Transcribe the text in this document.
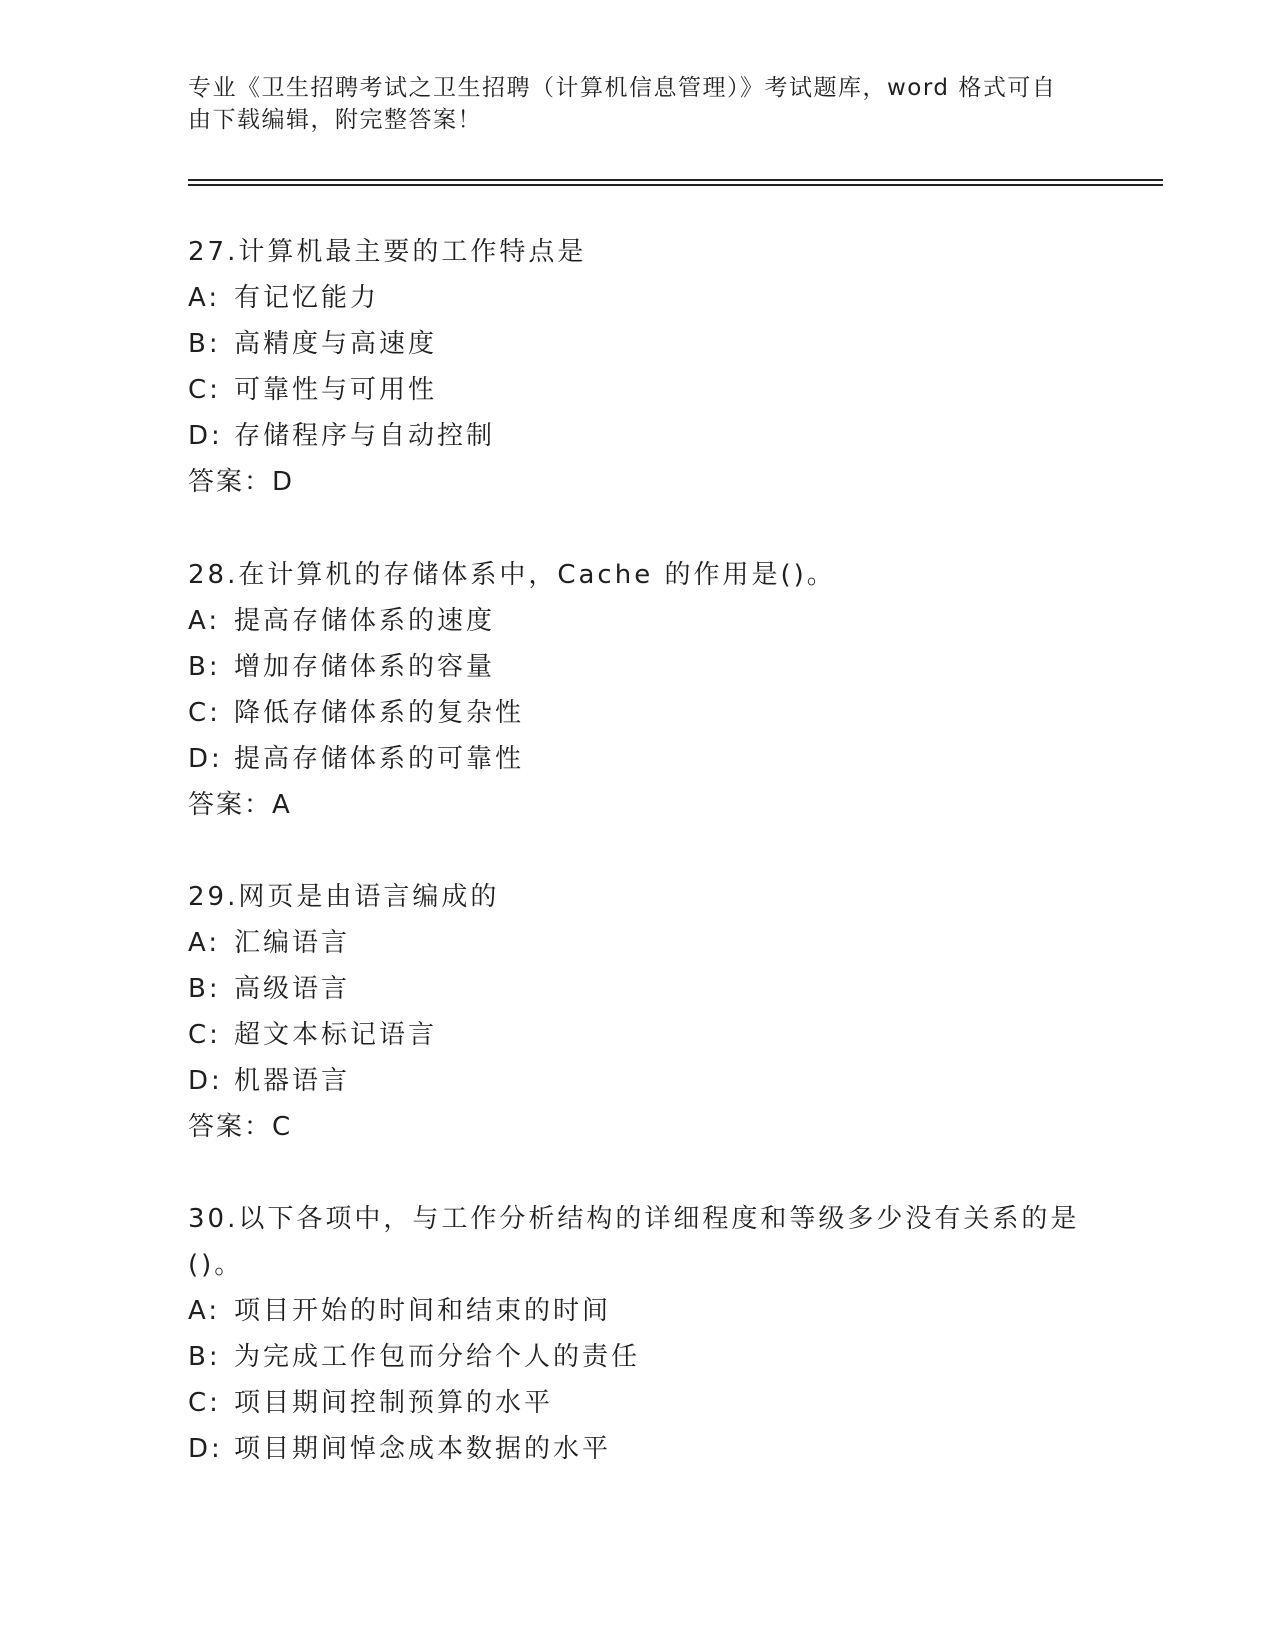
专业《卫生招聘考试之卫生招聘（计算机信息管理）》考试题库，word 格式可自
由下载编辑，附完整答案！
27.计算机最主要的工作特点是
A: 有记忆能力
B: 高精度与高速度
C: 可靠性与可用性
D: 存储程序与自动控制
答案：D
28.在计算机的存储体系中，Cache 的作用是()。
A: 提高存储体系的速度
B: 增加存储体系的容量
C: 降低存储体系的复杂性
D: 提高存储体系的可靠性
答案：A
29.网页是由语言编成的
A: 汇编语言
B: 高级语言
C: 超文本标记语言
D: 机器语言
答案：C
30.以下各项中，与工作分析结构的详细程度和等级多少没有关系的是
()。
A: 项目开始的时间和结束的时间
B: 为完成工作包而分给个人的责任
C: 项目期间控制预算的水平
D: 项目期间悼念成本数据的水平
